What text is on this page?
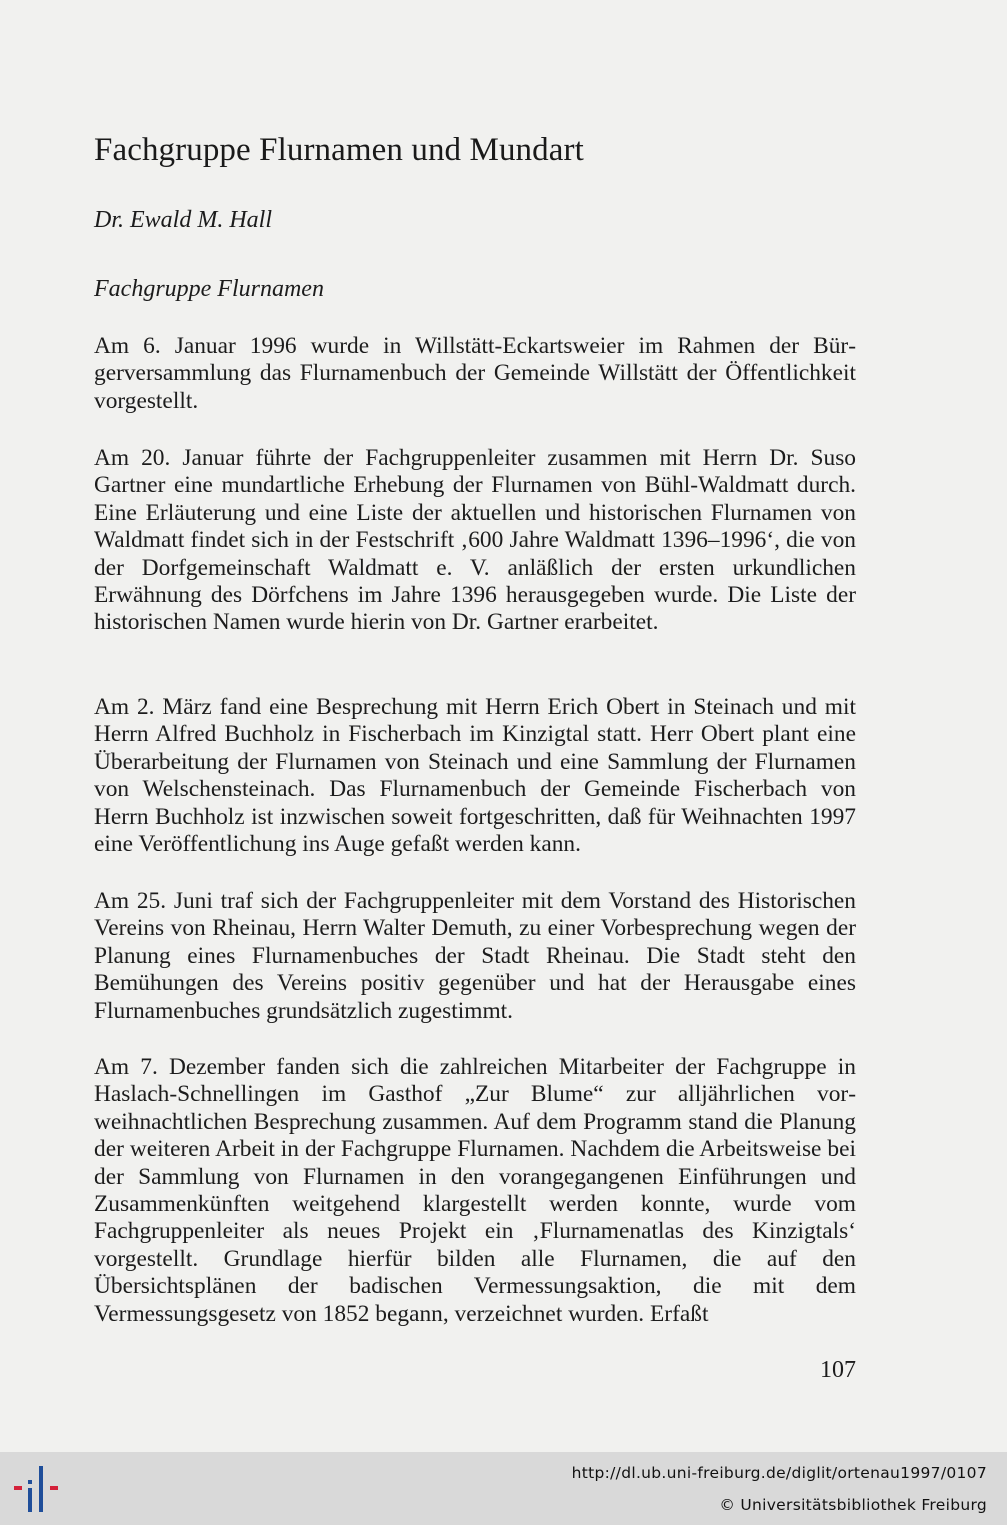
Fachgruppe Flurnamen und Mundart

Dr. Ewald M. Hall

Fachgruppe Flurnamen

Am 6. Januar 1996 wurde in Willstätt-Eckartsweier im Rahmen der Bürgerversammlung das Flurnamenbuch der Gemeinde Willstätt der Öffentlichkeit vorgestellt.

Am 20. Januar führte der Fachgruppenleiter zusammen mit Herrn Dr. Suso Gartner eine mundartliche Erhebung der Flurnamen von Bühl-Waldmatt durch. Eine Erläuterung und eine Liste der aktuellen und historischen Flurnamen von Waldmatt findet sich in der Festschrift ‚600 Jahre Waldmatt 1396–1996‘, die von der Dorfgemeinschaft Waldmatt e. V. anläßlich der ersten urkundlichen Erwähnung des Dörfchens im Jahre 1396 herausgegeben wurde. Die Liste der historischen Namen wurde hierin von Dr. Gartner erarbeitet.

Am 2. März fand eine Besprechung mit Herrn Erich Obert in Steinach und mit Herrn Alfred Buchholz in Fischerbach im Kinzigtal statt. Herr Obert plant eine Überarbeitung der Flurnamen von Steinach und eine Sammlung der Flurnamen von Welschensteinach. Das Flurnamenbuch der Gemeinde Fischerbach von Herrn Buchholz ist inzwischen soweit fortgeschritten, daß für Weihnachten 1997 eine Veröffentlichung ins Auge gefaßt werden kann.

Am 25. Juni traf sich der Fachgruppenleiter mit dem Vorstand des Historischen Vereins von Rheinau, Herrn Walter Demuth, zu einer Vorbesprechung wegen der Planung eines Flurnamenbuches der Stadt Rheinau. Die Stadt steht den Bemühungen des Vereins positiv gegenüber und hat der Herausgabe eines Flurnamenbuches grundsätzlich zugestimmt.

Am 7. Dezember fanden sich die zahlreichen Mitarbeiter der Fachgruppe in Haslach-Schnellingen im Gasthof „Zur Blume“ zur alljährlichen vorweihnachtlichen Besprechung zusammen. Auf dem Programm stand die Planung der weiteren Arbeit in der Fachgruppe Flurnamen. Nachdem die Arbeitsweise bei der Sammlung von Flurnamen in den vorangegangenen Einführungen und Zusammenkünften weitgehend klargestellt werden konnte, wurde vom Fachgruppenleiter als neues Projekt ein ‚Flurnamenatlas des Kinzigtals‘ vorgestellt. Grundlage hierfür bilden alle Flurnamen, die auf den Übersichtsplänen der badischen Vermessungsaktion, die mit dem Vermessungsgesetz von 1852 begann, verzeichnet wurden. Erfaßt

107

http://dl.ub.uni-freiburg.de/diglit/ortenau1997/0107
© Universitätsbibliothek Freiburg
